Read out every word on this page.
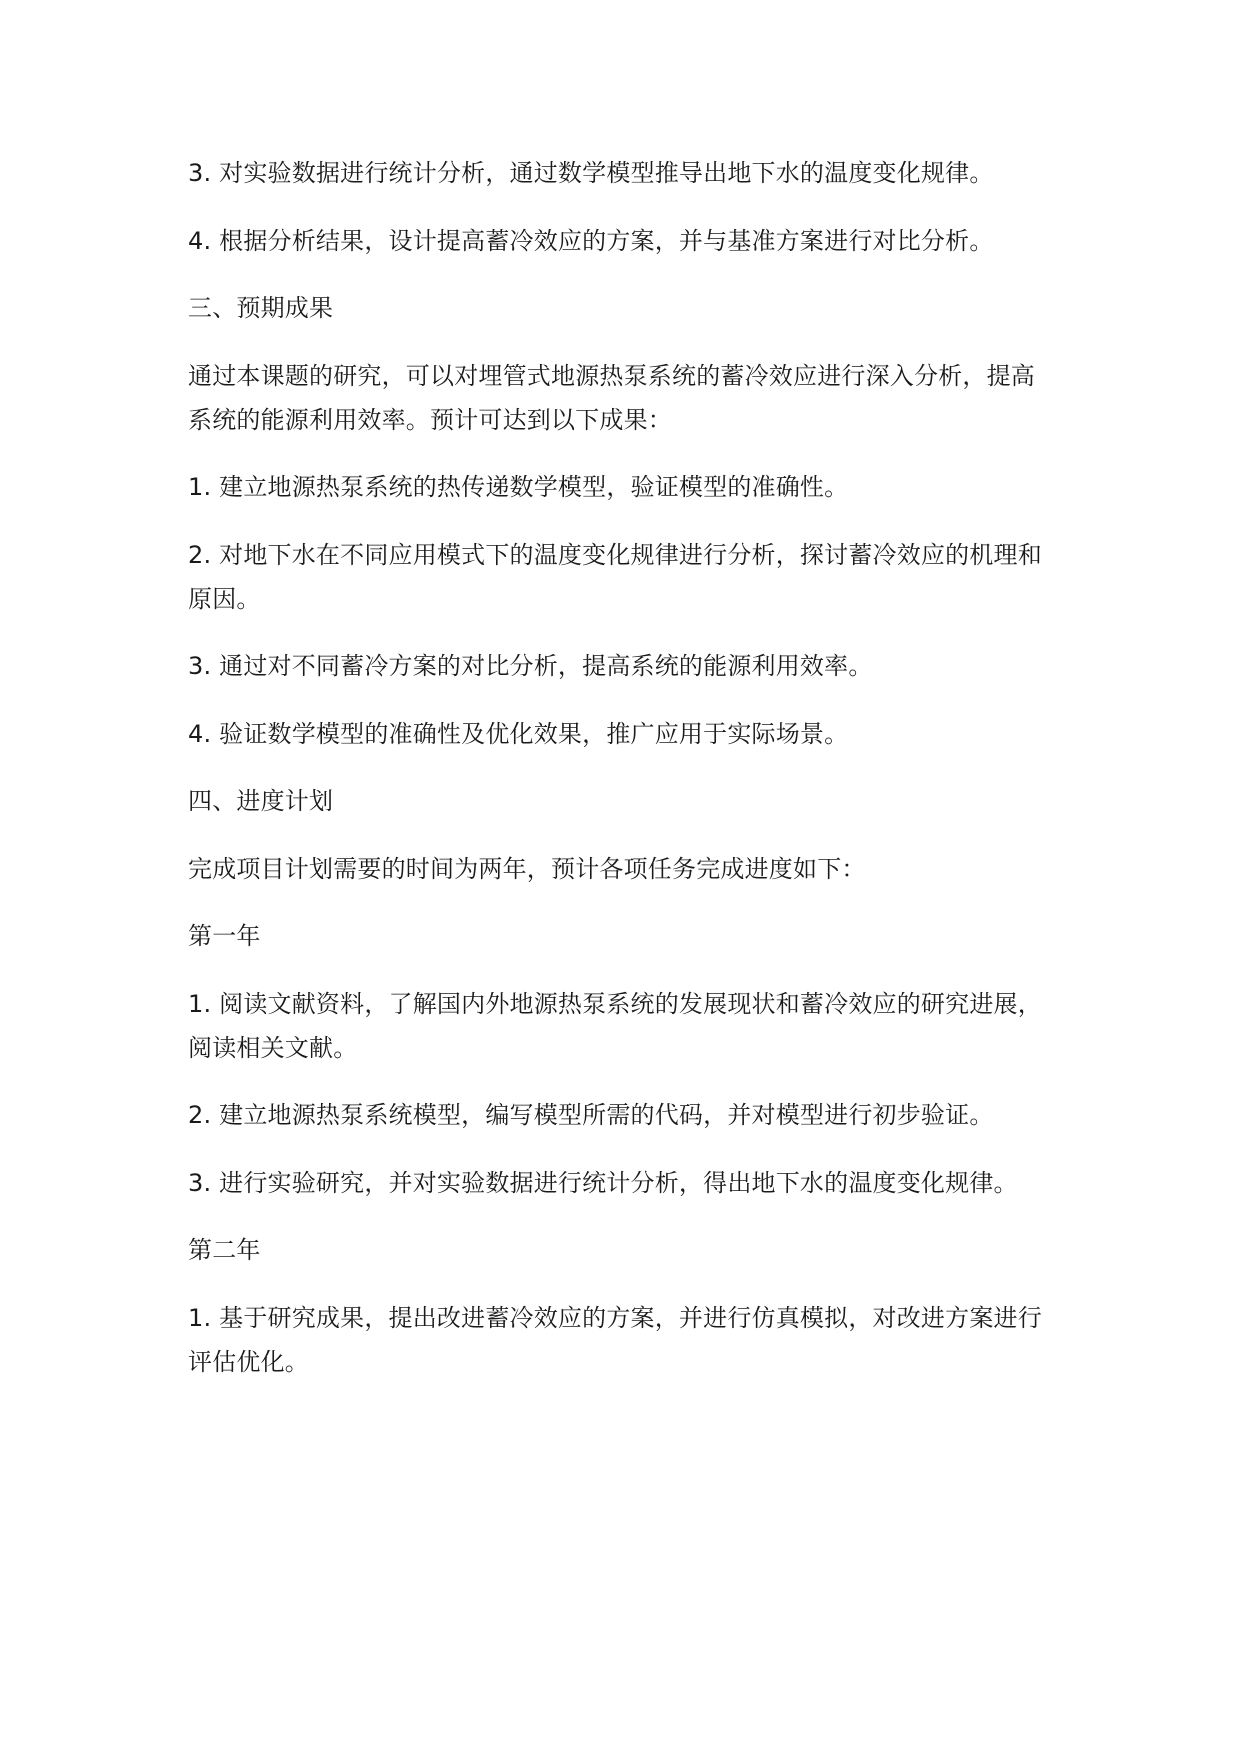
3. 对实验数据进行统计分析，通过数学模型推导出地下水的温度变化规律。

4. 根据分析结果，设计提高蓄冷效应的方案，并与基准方案进行对比分析。

三、预期成果

通过本课题的研究，可以对埋管式地源热泵系统的蓄冷效应进行深入分析，提高系统的能源利用效率。预计可达到以下成果：

1. 建立地源热泵系统的热传递数学模型，验证模型的准确性。

2. 对地下水在不同应用模式下的温度变化规律进行分析，探讨蓄冷效应的机理和原因。

3. 通过对不同蓄冷方案的对比分析，提高系统的能源利用效率。

4. 验证数学模型的准确性及优化效果，推广应用于实际场景。

四、进度计划

完成项目计划需要的时间为两年，预计各项任务完成进度如下：

第一年

1. 阅读文献资料，了解国内外地源热泵系统的发展现状和蓄冷效应的研究进展，阅读相关文献。

2. 建立地源热泵系统模型，编写模型所需的代码，并对模型进行初步验证。

3. 进行实验研究，并对实验数据进行统计分析，得出地下水的温度变化规律。

第二年

1. 基于研究成果，提出改进蓄冷效应的方案，并进行仿真模拟，对改进方案进行评估优化。
